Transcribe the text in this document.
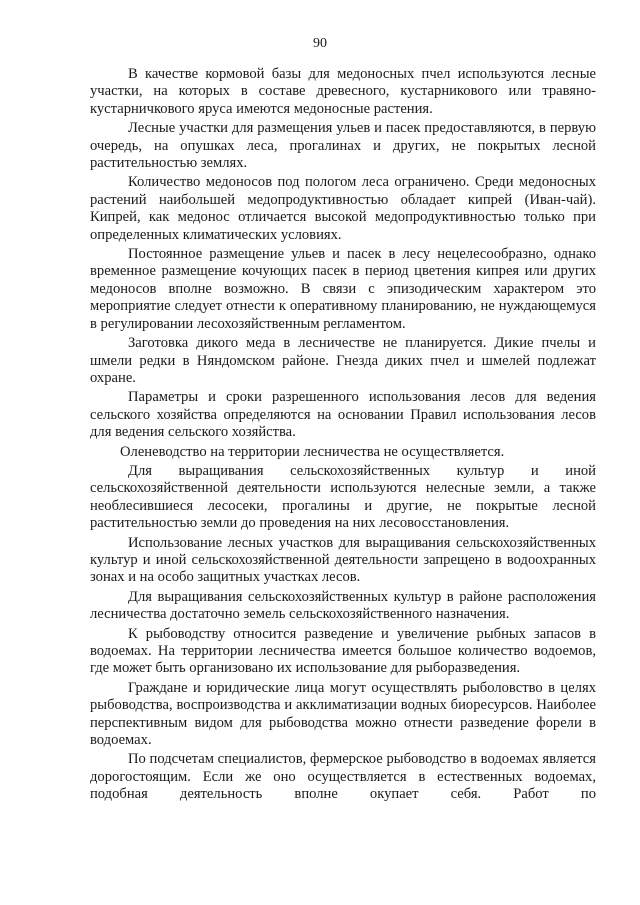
90

В качестве кормовой базы для медоносных пчел используются лесные участки, на которых в составе древесного, кустарникового или травяно-кустарничкового яруса имеются медоносные растения.

Лесные участки для размещения ульев и пасек предоставляются, в первую очередь, на опушках леса, прогалинах и других, не покрытых лесной растительностью землях.

Количество медоносов под пологом леса ограничено. Среди медоносных растений наибольшей медопродуктивностью обладает кипрей (Иван-чай). Кипрей, как медонос отличается высокой медопродуктивностью только при определенных климатических условиях.

Постоянное размещение ульев и пасек в лесу нецелесообразно, однако временное размещение кочующих пасек в период цветения кипрея или других медоносов вполне возможно. В связи с эпизодическим характером это мероприятие следует отнести к оперативному планированию, не нуждающемуся в регулировании лесохозяйственным регламентом.

Заготовка дикого меда в лесничестве не планируется. Дикие пчелы и шмели редки в Няндомском районе. Гнезда диких пчел и шмелей подлежат охране.

Параметры и сроки разрешенного использования лесов для ведения сельского хозяйства определяются на основании Правил использования лесов для ведения сельского хозяйства.

Оленеводство на территории лесничества не осуществляется.

Для выращивания сельскохозяйственных культур и иной сельскохозяйственной деятельности используются нелесные земли, а также необлесившиеся лесосеки, прогалины и другие, не покрытые лесной растительностью земли до проведения на них лесовосстановления.

Использование лесных участков для выращивания сельскохозяйственных культур и иной сельскохозяйственной деятельности запрещено в водоохранных зонах и на особо защитных участках лесов.

Для выращивания сельскохозяйственных культур в районе расположения лесничества достаточно земель сельскохозяйственного назначения.

К рыбоводству относится разведение и увеличение рыбных запасов в водоемах. На территории лесничества имеется большое количество водоемов, где может быть организовано их использование для рыборазведения.

Граждане и юридические лица могут осуществлять рыболовство в целях рыбоводства, воспроизводства и акклиматизации водных биоресурсов. Наиболее перспективным видом для рыбоводства можно отнести разведение форели в водоемах.

По подсчетам специалистов, фермерское рыбоводство в водоемах является дорогостоящим. Если же оно осуществляется в естественных водоемах, подобная деятельность вполне окупает себя. Работ по
